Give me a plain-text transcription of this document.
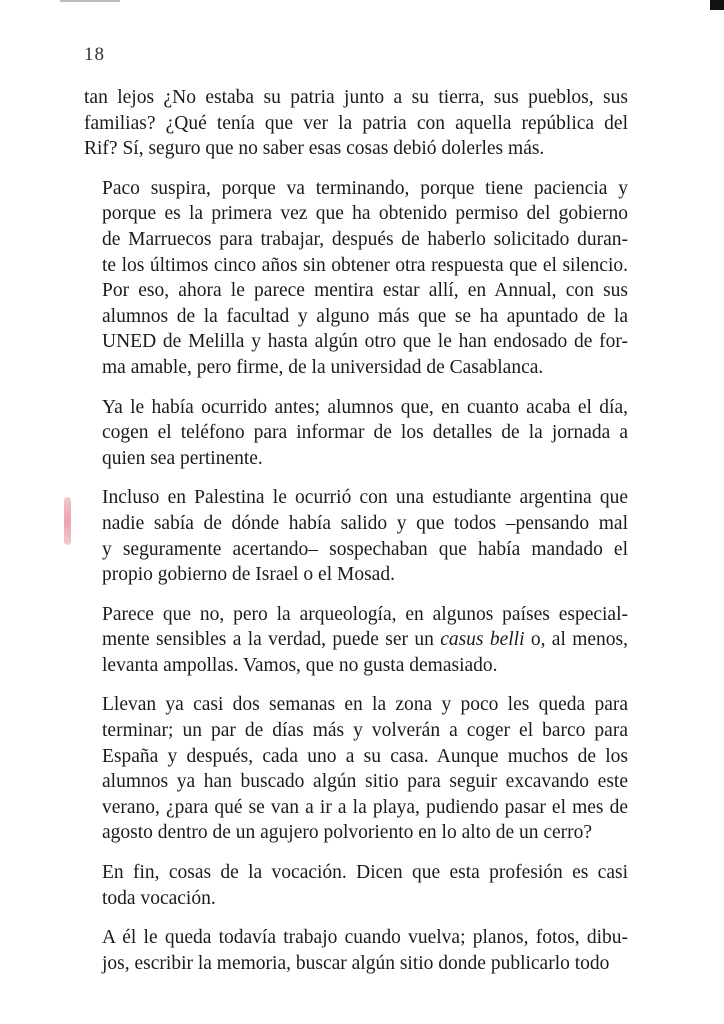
18

tan lejos ¿No estaba su patria junto a su tierra, sus pueblos, sus
familias? ¿Qué tenía que ver la patria con aquella república del
Rif? Sí, seguro que no saber esas cosas debió dolerles más.

Paco suspira, porque va terminando, porque tiene paciencia y
porque es la primera vez que ha obtenido permiso del gobierno
de Marruecos para trabajar, después de haberlo solicitado duran-
te los últimos cinco años sin obtener otra respuesta que el silencio.
Por eso, ahora le parece mentira estar allí, en Annual, con sus
alumnos de la facultad y alguno más que se ha apuntado de la
UNED de Melilla y hasta algún otro que le han endosado de for-
ma amable, pero firme, de la universidad de Casablanca.

Ya le había ocurrido antes; alumnos que, en cuanto acaba el día,
cogen el teléfono para informar de los detalles de la jornada a
quien sea pertinente.

Incluso en Palestina le ocurrió con una estudiante argentina que
nadie sabía de dónde había salido y que todos –pensando mal
y seguramente acertando– sospechaban que había mandado el
propio gobierno de Israel o el Mosad.

Parece que no, pero la arqueología, en algunos países especial-
mente sensibles a la verdad, puede ser un casus belli o, al menos,
levanta ampollas. Vamos, que no gusta demasiado.

Llevan ya casi dos semanas en la zona y poco les queda para
terminar; un par de días más y volverán a coger el barco para
España y después, cada uno a su casa. Aunque muchos de los
alumnos ya han buscado algún sitio para seguir excavando este
verano, ¿para qué se van a ir a la playa, pudiendo pasar el mes de
agosto dentro de un agujero polvoriento en lo alto de un cerro?

En fin, cosas de la vocación. Dicen que esta profesión es casi
toda vocación.

A él le queda todavía trabajo cuando vuelva; planos, fotos, dibu-
jos, escribir la memoria, buscar algún sitio donde publicarlo todo
